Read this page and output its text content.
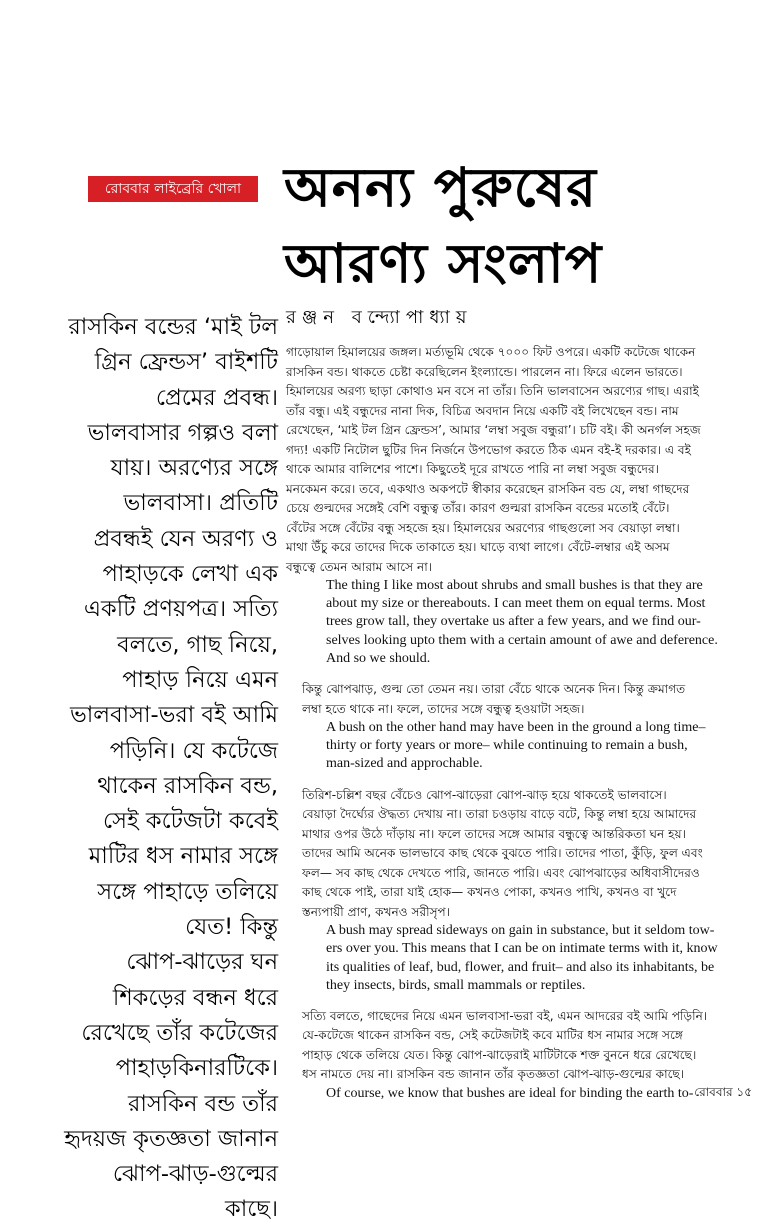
রোববার লাইব্রেরি খোলা অনন্য পুরুষের
আরণ্য সংলাপ
রঞ্জন বন্দ্যোপাধ্যায়
রাসকিন বন্ডের ‘মাই টল
গ্রিন ফ্রেন্ডস’ বাইশটি
প্রেমের প্রবন্ধ।
ভালবাসার গল্পও বলা
যায়। অরণ্যের সঙ্গে
ভালবাসা। প্রতিটি
প্রবন্ধই যেন অরণ্য ও
পাহাড়কে লেখা এক
একটি প্রণয়পত্র। সত্যি
বলতে, গাছ নিয়ে,
পাহাড় নিয়ে এমন
ভালবাসা-ভরা বই আমি
পড়িনি। যে কটেজে
থাকেন রাসকিন বন্ড,
সেই কটেজটা কবেই
মাটির ধস নামার সঙ্গে
সঙ্গে পাহাড়ে তলিয়ে
যেত! কিন্তু
ঝোপ-ঝাড়ের ঘন
শিকড়ের বন্ধন ধরে
রেখেছে তাঁর কটেজের
পাহাড়কিনারটিকে।
রাসকিন বন্ড তাঁর
হৃদয়জ কৃতজ্ঞতা জানান
ঝোপ-ঝাড়-গুল্মের
কাছে।
গাড়োয়াল হিমালয়ের জঙ্গল। মর্ত্যভূমি থেকে ৭০০০ ফিট ওপরে। একটি কটেজে থাকেন
রাসকিন বন্ড। থাকতে চেষ্টা করেছিলেন ইংল্যান্ডে। পারলেন না। ফিরে এলেন ভারতে।
হিমালয়ের অরণ্য ছাড়া কোথাও মন বসে না তাঁর। তিনি ভালবাসেন অরণ্যের গাছ। এরাই
তাঁর বন্ধু। এই বন্ধুদের নানা দিক, বিচিত্র অবদান নিয়ে একটি বই লিখেছেন বন্ড। নাম
রেখেছেন, ‘মাই টল গ্রিন ফ্রেন্ডস’, আমার ‘লম্বা সবুজ বন্ধুরা’। চটি বই। কী অনর্গল সহজ
গদ্য! একটি নিটোল ছুটির দিন নির্জনে উপভোগ করতে ঠিক এমন বই-ই দরকার। এ বই
থাকে আমার বালিশের পাশে। কিছুতেই দূরে রাখতে পারি না লম্বা সবুজ বন্ধুদের।
মনকেমন করে। তবে, একথাও অকপটে স্বীকার করেছেন রাসকিন বন্ড যে, লম্বা গাছদের
চেয়ে গুল্মদের সঙ্গেই বেশি বন্ধুত্ব তাঁর। কারণ গুল্মরা রাসকিন বন্ডের মতোই বেঁটে।
বেঁটের সঙ্গে বেঁটের বন্ধু সহজে হয়। হিমালয়ের অরণ্যের গাছগুলো সব বেয়াড়া লম্বা।
মাথা উঁচু করে তাদের দিকে তাকাতে হয়। ঘাড়ে ব্যথা লাগে। বেঁটে-লম্বার এই অসম
বন্ধুত্বে তেমন আরাম আসে না।
The thing I like most about shrubs and small bushes is that they are
about my size or thereabouts. I can meet them on equal terms. Most
trees grow tall, they overtake us after a few years, and we find our-
selves looking upto them with a certain amount of awe and deference.
And so we should.
কিন্তু ঝোপঝাড়, গুল্ম তো তেমন নয়। তারা বেঁচে থাকে অনেক দিন। কিন্তু ক্রমাগত
লম্বা হতে থাকে না। ফলে, তাদের সঙ্গে বন্ধুত্ব হওয়াটা সহজ।
A bush on the other hand may have been in the ground a long time–
thirty or forty years or more– while continuing to remain a bush,
man-sized and approchable.
তিরিশ-চল্লিশ বছর বেঁচেও ঝোপ-ঝাড়েরা ঝোপ-ঝাড় হয়ে থাকতেই ভালবাসে।
বেয়াড়া দৈর্ঘ্যের ঔদ্ধত্য দেখায় না। তারা চওড়ায় বাড়ে বটে, কিন্তু লম্বা হয়ে আমাদের
মাথার ওপর উঠে দাঁড়ায় না। ফলে তাদের সঙ্গে আমার বন্ধুত্বে আন্তরিকতা ঘন হয়।
তাদের আমি অনেক ভালভাবে কাছ থেকে বুঝতে পারি। তাদের পাতা, কুঁড়ি, ফুল এবং
ফল— সব কাছ থেকে দেখতে পারি, জানতে পারি। এবং ঝোপঝাড়ের অধিবাসীদেরও
কাছ থেকে পাই, তারা যাই হোক— কখনও পোকা, কখনও পাখি, কখনও বা খুদে
স্তন্যপায়ী প্রাণ, কখনও সরীসৃপ।
A bush may spread sideways on gain in substance, but it seldom tow-
ers over you. This means that I can be on intimate terms with it, know
its qualities of leaf, bud, flower, and fruit– and also its inhabitants, be
they insects, birds, small mammals or reptiles.
সত্যি বলতে, গাছেদের নিয়ে এমন ভালবাসা-ভরা বই, এমন আদরের বই আমি পড়িনি।
যে-কটেজে থাকেন রাসকিন বন্ড, সেই কটেজটাই কবে মাটির ধস নামার সঙ্গে সঙ্গে
পাহাড় থেকে তলিয়ে যেত। কিন্তু ঝোপ-ঝাড়েরাই মাটিটাকে শক্ত বুননে ধরে রেখেছে।
ধস নামতে দেয় না। রাসকিন বন্ড জানান তাঁর কৃতজ্ঞতা ঝোপ-ঝাড়-গুল্মের কাছে।
Of course, we know that bushes are ideal for binding the earth to- রোববার ১৫
